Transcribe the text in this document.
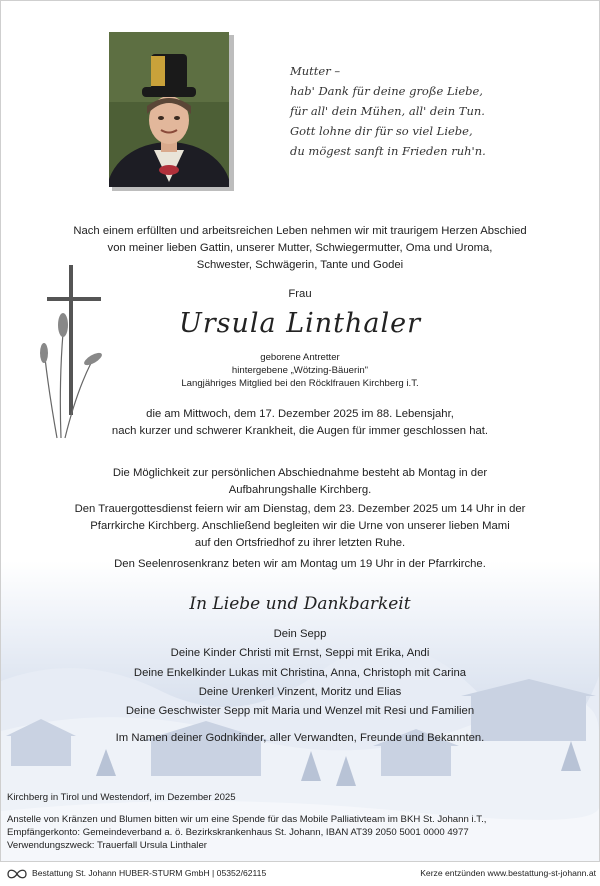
Mutter –
hab' Dank für deine große Liebe,
für all' dein Mühen, all' dein Tun.
Gott lohne dir für so viel Liebe,
du mögest sanft in Frieden ruh'n.
Nach einem erfüllten und arbeitsreichen Leben nehmen wir mit traurigem Herzen Abschied
von meiner lieben Gattin, unserer Mutter, Schwiegermutter, Oma und Uroma,
Schwester, Schwägerin, Tante und Godei
Frau
Ursula Linthaler
geborene Antretter
hintergebene „Wötzing-Bäuerin"
Langjähriges Mitglied bei den Röcklfrauen Kirchberg i.T.
die am Mittwoch, dem 17. Dezember 2025 im 88. Lebensjahr,
nach kurzer und schwerer Krankheit, die Augen für immer geschlossen hat.
Die Möglichkeit zur persönlichen Abschiednahme besteht ab Montag in der
Aufbahrungshalle Kirchberg.
Den Trauergottesdienst feiern wir am Dienstag, dem 23. Dezember 2025 um 14 Uhr in der
Pfarrkirche Kirchberg. Anschließend begleiten wir die Urne von unserer lieben Mami
auf den Ortsfriedhof zu ihrer letzten Ruhe.
Den Seelenrosenkranz beten wir am Montag um 19 Uhr in der Pfarrkirche.
In Liebe und Dankbarkeit
Dein Sepp
Deine Kinder Christi mit Ernst, Seppi mit Erika, Andi
Deine Enkelkinder Lukas mit Christina, Anna, Christoph mit Carina
Deine Urenkerl Vinzent, Moritz und Elias
Deine Geschwister Sepp mit Maria und Wenzel mit Resi und Familien
Im Namen deiner Godnkinder, aller Verwandten, Freunde und Bekannten.
Kirchberg in Tirol und Westendorf, im Dezember 2025
Anstelle von Kränzen und Blumen bitten wir um eine Spende für das Mobile Palliativteam im BKH St. Johann i.T.,
Empfängerkonto: Gemeindeverband a. ö. Bezirkskrankenhaus St. Johann, IBAN AT39 2050 5001 0000 4977
Verwendungszweck: Trauerfall Ursula Linthaler
Bestattung St. Johann HUBER-STURM GmbH | 05352/62115	Kerze entzünden www.bestattung-st-johann.at
